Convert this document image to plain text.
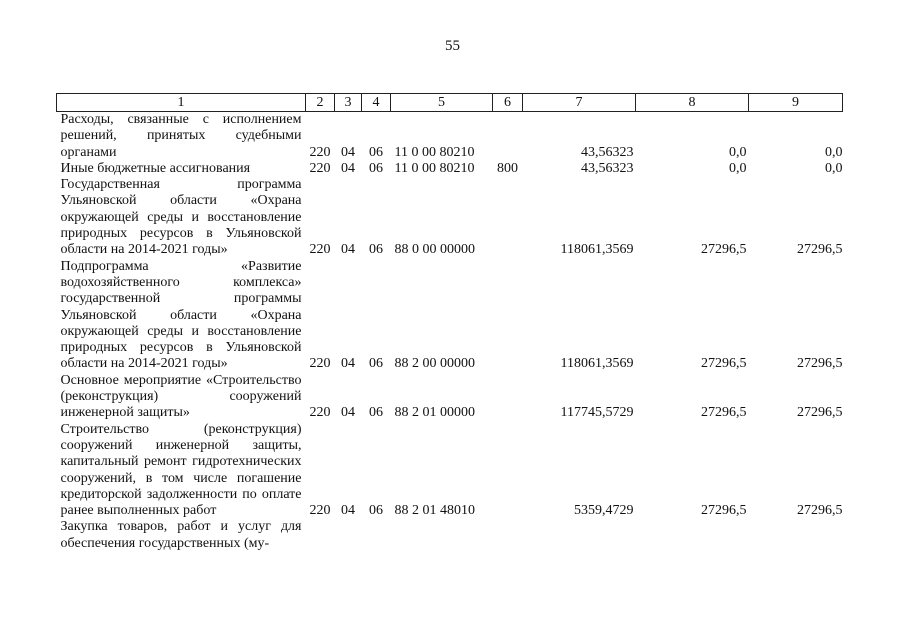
55
1	2	3	4	5	6	7	8	9
Расходы, связанные с исполнением решений, принятых судебными органами	220	04	06	11 0 00 80210		43,56323	0,0	0,0
Иные бюджетные ассигнования	220	04	06	11 0 00 80210	800	43,56323	0,0	0,0
Государственная программа Ульяновской области «Охрана окружающей среды и восстановление природных ресурсов в Ульяновской области на 2014-2021 годы»	220	04	06	88 0 00 00000		118061,3569	27296,5	27296,5
Подпрограмма «Развитие водохозяйственного комплекса» государственной программы Ульяновской области «Охрана окружающей среды и восстановление природных ресурсов в Ульяновской области на 2014-2021 годы»	220	04	06	88 2 00 00000		118061,3569	27296,5	27296,5
Основное мероприятие «Строительство (реконструкция) сооружений инженерной защиты»	220	04	06	88 2 01 00000		117745,5729	27296,5	27296,5
Строительство (реконструкция) сооружений инженерной защиты, капитальный ремонт гидротехнических сооружений, в том числе погашение кредиторской задолженности по оплате ранее выполненных работ	220	04	06	88 2 01 48010		5359,4729	27296,5	27296,5
Закупка товаров, работ и услуг для обеспечения государственных (му-								
